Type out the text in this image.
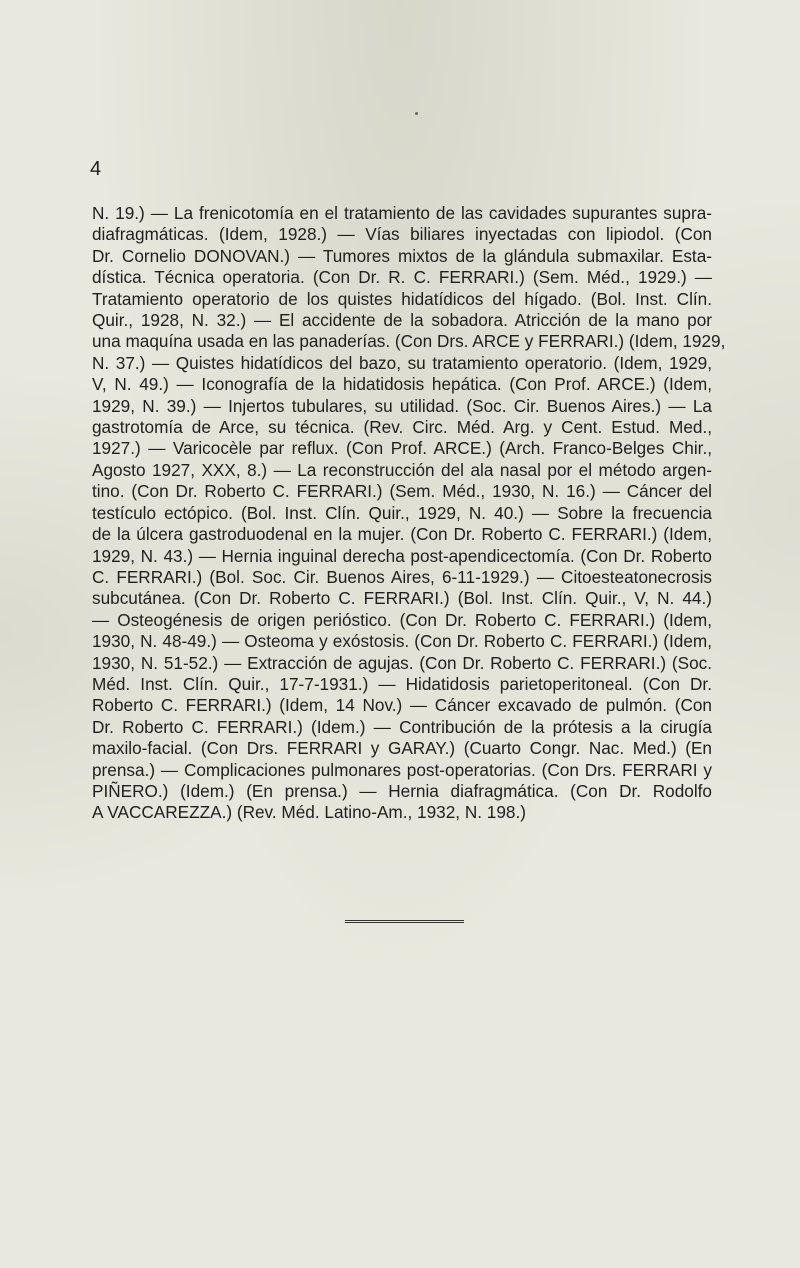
4
N. 19.) — La frenicotomía en el tratamiento de las cavidades supurantes supra-
diafragmáticas. (Idem, 1928.) — Vías biliares inyectadas con lipiodol. (Con
Dr. Cornelio DONOVAN.) — Tumores mixtos de la glándula submaxilar. Esta-
dística. Técnica operatoria. (Con Dr. R. C. FERRARI.) (Sem. Méd., 1929.) —
Tratamiento operatorio de los quistes hidatídicos del hígado. (Bol. Inst. Clín.
Quir., 1928, N. 32.) — El accidente de la sobadora. Atricción de la mano por
una maquína usada en las panaderías. (Con Drs. ARCE y FERRARI.) (Idem, 1929,
N. 37.) — Quistes hidatídicos del bazo, su tratamiento operatorio. (Idem, 1929,
V, N. 49.) — Iconografía de la hidatidosis hepática. (Con Prof. ARCE.) (Idem,
1929, N. 39.) — Injertos tubulares, su utilidad. (Soc. Cir. Buenos Aires.) — La
gastrotomía de Arce, su técnica. (Rev. Circ. Méd. Arg. y Cent. Estud. Med.,
1927.) — Varicocèle par reflux. (Con Prof. ARCE.) (Arch. Franco-Belges Chir.,
Agosto 1927, XXX, 8.) — La reconstrucción del ala nasal por el método argen-
tino. (Con Dr. Roberto C. FERRARI.) (Sem. Méd., 1930, N. 16.) — Cáncer del
testículo ectópico. (Bol. Inst. Clín. Quir., 1929, N. 40.) — Sobre la frecuencia
de la úlcera gastroduodenal en la mujer. (Con Dr. Roberto C. FERRARI.) (Idem,
1929, N. 43.) — Hernia inguinal derecha post-apendicectomía. (Con Dr. Roberto
C. FERRARI.) (Bol. Soc. Cir. Buenos Aires, 6-11-1929.) — Citoesteatonecrosis
subcutánea. (Con Dr. Roberto C. FERRARI.) (Bol. Inst. Clín. Quir., V, N. 44.)
— Osteogénesis de origen perióstico. (Con Dr. Roberto C. FERRARI.) (Idem,
1930, N. 48-49.) — Osteoma y exóstosis. (Con Dr. Roberto C. FERRARI.) (Idem,
1930, N. 51-52.) — Extracción de agujas. (Con Dr. Roberto C. FERRARI.) (Soc.
Méd. Inst. Clín. Quir., 17-7-1931.) — Hidatidosis parietoperitoneal. (Con Dr.
Roberto C. FERRARI.) (Idem, 14 Nov.) — Cáncer excavado de pulmón. (Con
Dr. Roberto C. FERRARI.) (Idem.) — Contribución de la prótesis a la cirugía
maxilo-facial. (Con Drs. FERRARI y GARAY.) (Cuarto Congr. Nac. Med.) (En
prensa.) — Complicaciones pulmonares post-operatorias. (Con Drs. FERRARI y
PIÑERO.) (Idem.) (En prensa.) — Hernia diafragmática. (Con Dr. Rodolfo
A VACCAREZZA.) (Rev. Méd. Latino-Am., 1932, N. 198.)
